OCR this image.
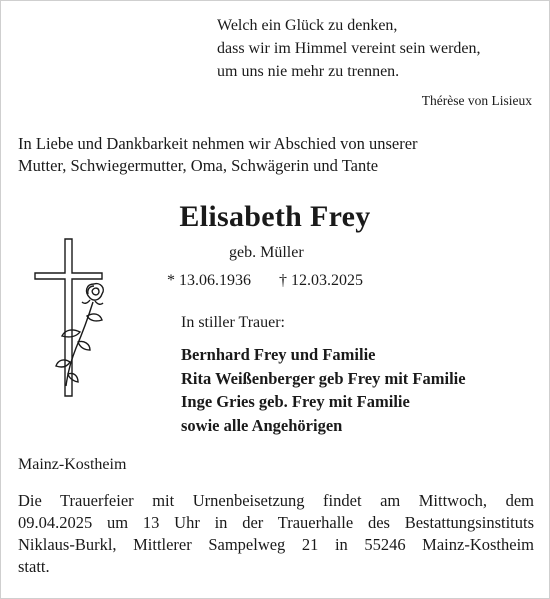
Welch ein Glück zu denken,
dass wir im Himmel vereint sein werden,
um uns nie mehr zu trennen.
Thérèse von Lisieux
In Liebe und Dankbarkeit nehmen wir Abschied von unserer
Mutter, Schwiegermutter, Oma, Schwägerin und Tante
Elisabeth Frey
geb. Müller
* 13.06.1936 † 12.03.2025
In stiller Trauer:
Bernhard Frey und Familie
Rita Weißenberger geb Frey mit Familie
Inge Gries geb. Frey mit Familie
sowie alle Angehörigen
Mainz-Kostheim
Die Trauerfeier mit Urnenbeisetzung findet am Mittwoch, dem
09.04.2025 um 13 Uhr in der Trauerhalle des Bestattungsinstituts
Niklaus-Burkl, Mittlerer Sampelweg 21 in 55246 Mainz-Kostheim
statt.
